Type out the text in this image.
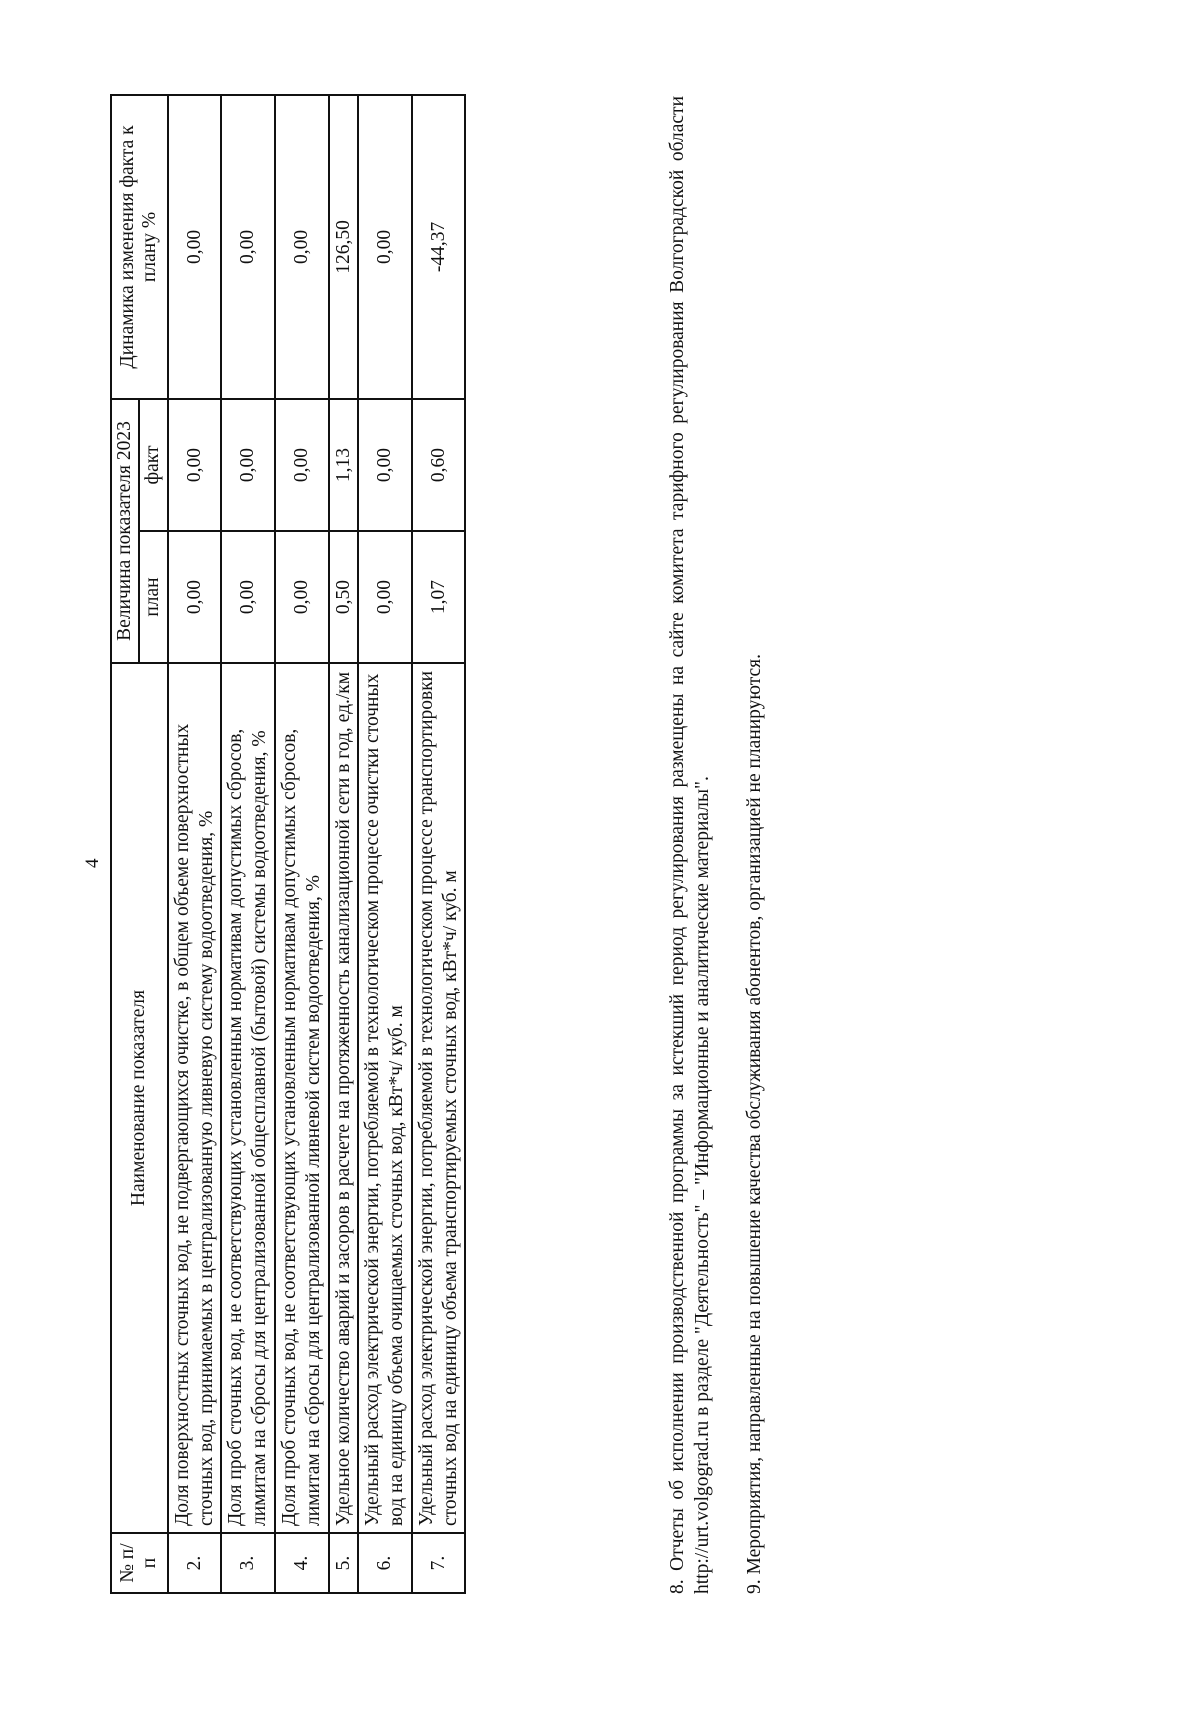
4
№ п/п	Наименование показателя	Величина показателя 2023		Динамика изменения факта к плану %
		план	факт	
2.	Доля поверхностных сточных вод, не подвергающихся очистке, в общем объеме поверхностных сточных вод, принимаемых в централизованную ливневую систему водоотведения, %	0,00	0,00	0,00
3.	Доля проб сточных вод, не соответствующих установленным нормативам допустимых сбросов, лимитам на сбросы для централизованной общесплавной (бытовой) системы водоотведения, %	0,00	0,00	0,00
4.	Доля проб сточных вод, не соответствующих установленным нормативам допустимых сбросов, лимитам на сбросы для централизованной ливневой систем водоотведения, %	0,00	0,00	0,00
5.	Удельное количество аварий и засоров в расчете на протяженность канализационной сети в год, ед./км	0,50	1,13	126,50
6.	Удельный расход электрической энергии, потребляемой в технологическом процессе очистки сточных вод на единицу объема очищаемых сточных вод, кВт*ч/ куб. м	0,00	0,00	0,00
7.	Удельный расход электрической энергии, потребляемой в технологическом процессе транспортировки сточных вод на единицу объема транспортируемых сточных вод, кВт*ч/ куб. м	1,07	0,60	-44,37	8. Отчеты об исполнении производственной программы за истекший период регулирования размещены на сайте комитета тарифного регулирования Волгоградской области http://urt.volgograd.ru в разделе "Деятельность" – "Информационные и аналитические материалы". 9. Мероприятия, направленные на повышение качества обслуживания абонентов, организацией не планируются.
